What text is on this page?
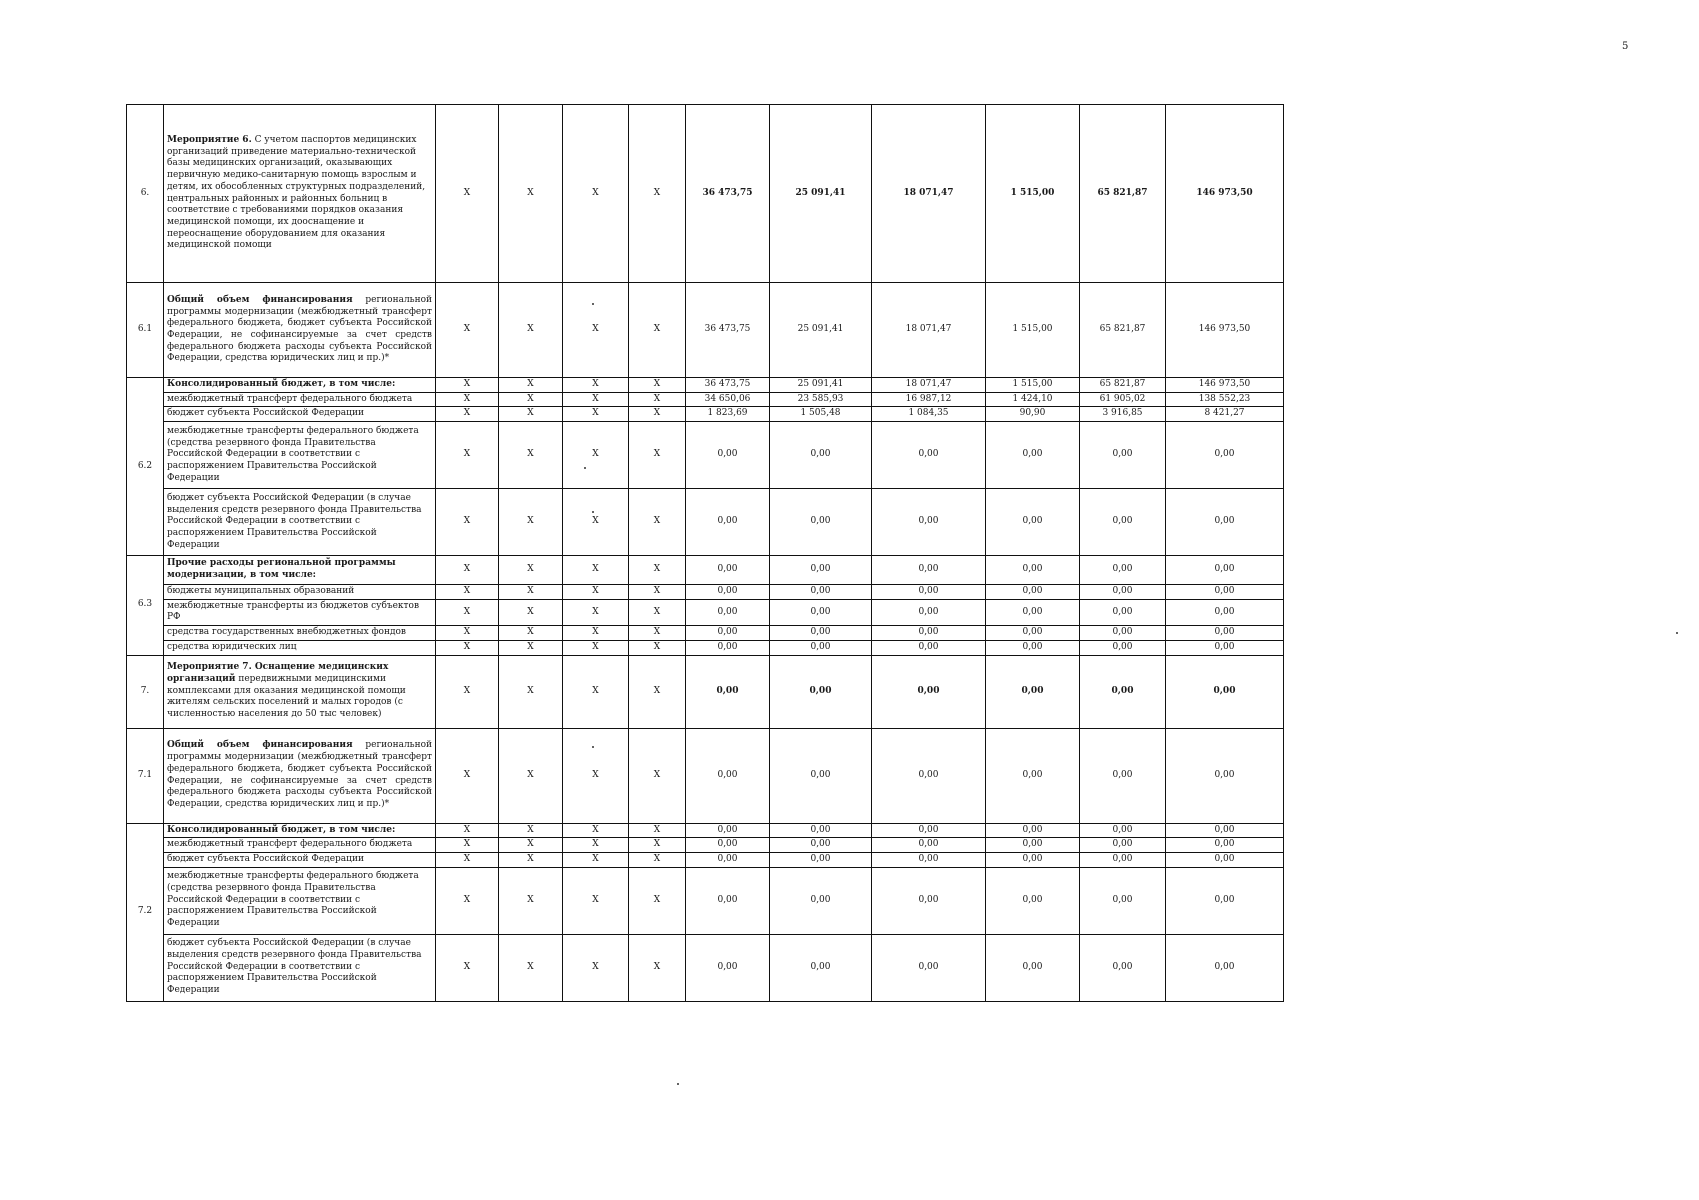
5
6.	Мероприятие 6. С учетом паспортов медицинских организаций приведение материально-технической базы медицинских организаций, оказывающих первичную медико-санитарную помощь взрослым и детям, их обособленных структурных подразделений, центральных районных и районных больниц в соответствие с требованиями порядков оказания медицинской помощи, их дооснащение и переоснащение оборудованием для оказания медицинской помощи	X	X	X	X	36 473,75	25 091,41	18 071,47	1 515,00	65 821,87	146 973,50
6.1	Общий объем финансирования региональной программы модернизации (межбюджетный трансферт федерального бюджета, бюджет субъекта Российской Федерации, не софинансируемые за счет средств федерального бюджета расходы субъекта Российской Федерации, средства юридических лиц и пр.)*	X	X	X	X	36 473,75	25 091,41	18 071,47	1 515,00	65 821,87	146 973,50
6.2	Консолидированный бюджет, в том числе:	X	X	X	X	36 473,75	25 091,41	18 071,47	1 515,00	65 821,87	146 973,50
	межбюджетный трансферт федерального бюджета	X	X	X	X	34 650,06	23 585,93	16 987,12	1 424,10	61 905,02	138 552,23
	бюджет субъекта Российской Федерации	X	X	X	X	1 823,69	1 505,48	1 084,35	90,90	3 916,85	8 421,27
	межбюджетные трансферты федерального бюджета (средства резервного фонда Правительства Российской Федерации в соответствии с распоряжением Правительства Российской Федерации	X	X	X	X	0,00	0,00	0,00	0,00	0,00	0,00
	бюджет субъекта Российской Федерации (в случае выделения средств резервного фонда Правительства Российской Федерации в соответствии с распоряжением Правительства Российской Федерации	X	X	X	X	0,00	0,00	0,00	0,00	0,00	0,00
6.3	Прочие расходы региональной программы модернизации, в том числе:	X	X	X	X	0,00	0,00	0,00	0,00	0,00	0,00
	бюджеты муниципальных образований	X	X	X	X	0,00	0,00	0,00	0,00	0,00	0,00
	межбюджетные трансферты из бюджетов субъектов РФ	X	X	X	X	0,00	0,00	0,00	0,00	0,00	0,00
	средства государственных внебюджетных фондов	X	X	X	X	0,00	0,00	0,00	0,00	0,00	0,00
	средства юридических лиц	X	X	X	X	0,00	0,00	0,00	0,00	0,00	0,00
7.	Мероприятие 7. Оснащение медицинских организаций передвижными медицинскими комплексами для оказания медицинской помощи жителям сельских поселений и малых городов (с численностью населения до 50 тыс человек)	X	X	X	X	0,00	0,00	0,00	0,00	0,00	0,00
7.1	Общий объем финансирования региональной программы модернизации (межбюджетный трансферт федерального бюджета, бюджет субъекта Российской Федерации, не софинансируемые за счет средств федерального бюджета расходы субъекта Российской Федерации, средства юридических лиц и пр.)*	X	X	X	X	0,00	0,00	0,00	0,00	0,00	0,00
7.2	Консолидированный бюджет, в том числе:	X	X	X	X	0,00	0,00	0,00	0,00	0,00	0,00
	межбюджетный трансферт федерального бюджета	X	X	X	X	0,00	0,00	0,00	0,00	0,00	0,00
	бюджет субъекта Российской Федерации	X	X	X	X	0,00	0,00	0,00	0,00	0,00	0,00
	межбюджетные трансферты федерального бюджета (средства резервного фонда Правительства Российской Федерации в соответствии с распоряжением Правительства Российской Федерации	X	X	X	X	0,00	0,00	0,00	0,00	0,00	0,00
	бюджет субъекта Российской Федерации (в случае выделения средств резервного фонда Правительства Российской Федерации в соответствии с распоряжением Правительства Российской Федерации	X	X	X	X	0,00	0,00	0,00	0,00	0,00	0,00
